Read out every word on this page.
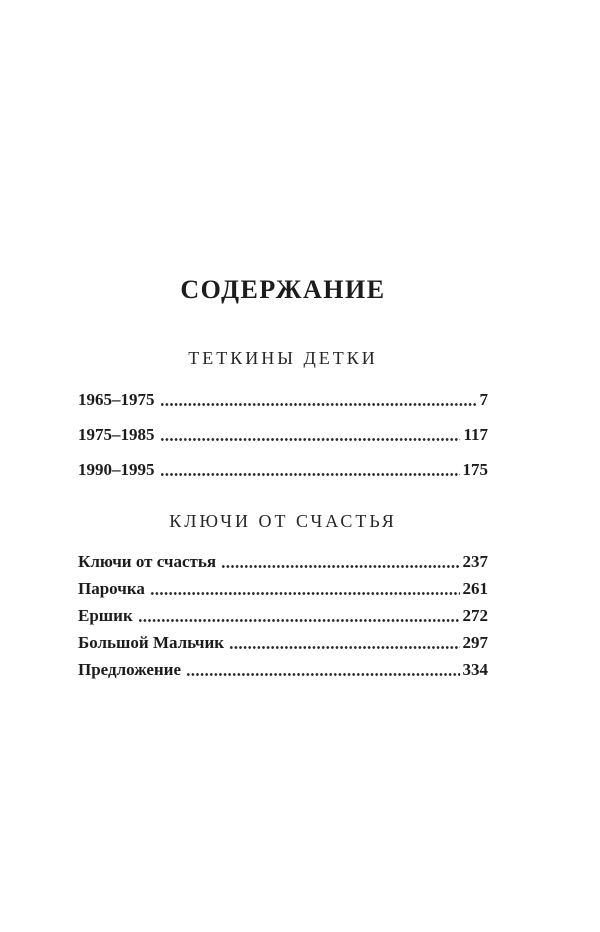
СОДЕРЖАНИЕ
ТЕТКИНЫ ДЕТКИ
1965–1975	7
1975–1985	117
1990–1995	175
КЛЮЧИ ОТ СЧАСТЬЯ
Ключи от счастья	237
Парочка	261
Ершик	272
Большой Мальчик	297
Предложение	334
